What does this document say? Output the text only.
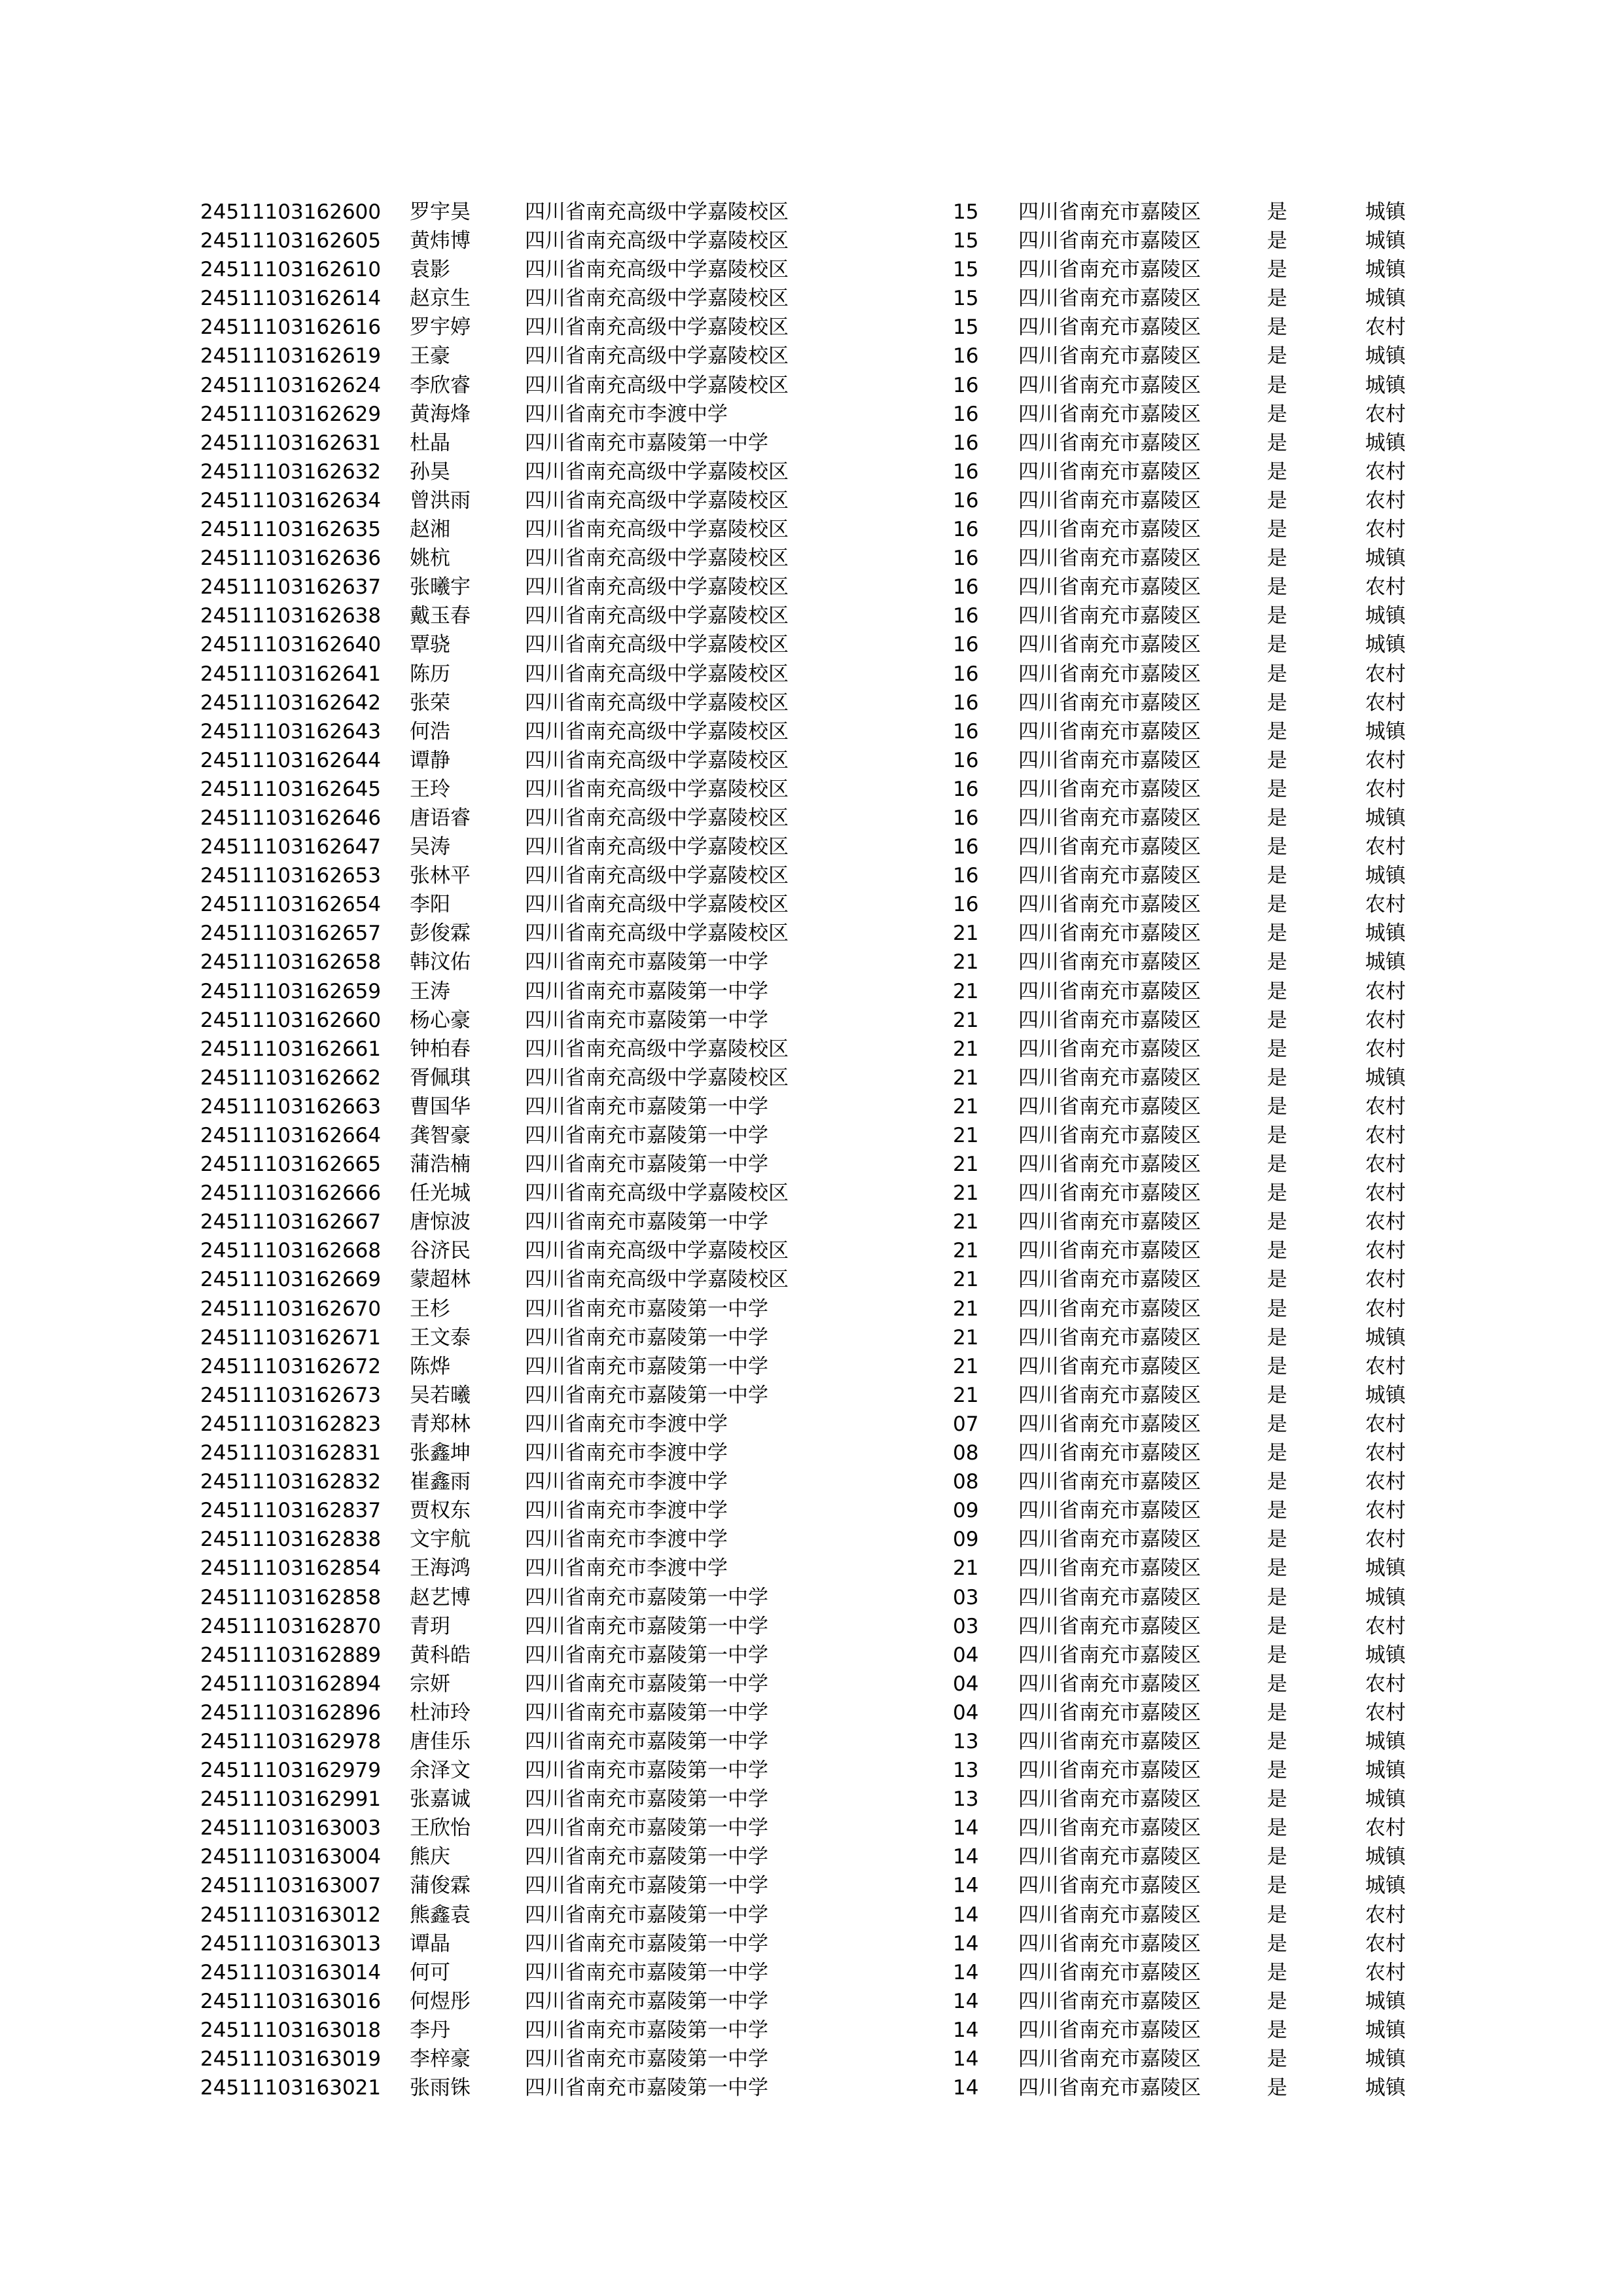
24511103162600 罗宇昊	四川省南充高级中学嘉陵校区	15 四川省南充市嘉陵区	是	城镇
24511103162605 黄炜博	四川省南充高级中学嘉陵校区	15 四川省南充市嘉陵区	是	城镇
24511103162610 袁影	四川省南充高级中学嘉陵校区	15 四川省南充市嘉陵区	是	城镇
24511103162614 赵京生	四川省南充高级中学嘉陵校区	15 四川省南充市嘉陵区	是	城镇
24511103162616 罗宇婷	四川省南充高级中学嘉陵校区	15 四川省南充市嘉陵区	是	农村
24511103162619 王豪	四川省南充高级中学嘉陵校区	16 四川省南充市嘉陵区	是	城镇
24511103162624 李欣睿	四川省南充高级中学嘉陵校区	16 四川省南充市嘉陵区	是	城镇
24511103162629 黄海烽	四川省南充市李渡中学	16 四川省南充市嘉陵区	是	农村
24511103162631 杜晶	四川省南充市嘉陵第一中学	16 四川省南充市嘉陵区	是	城镇
24511103162632 孙昊	四川省南充高级中学嘉陵校区	16 四川省南充市嘉陵区	是	农村
24511103162634 曾洪雨	四川省南充高级中学嘉陵校区	16 四川省南充市嘉陵区	是	农村
24511103162635 赵湘	四川省南充高级中学嘉陵校区	16 四川省南充市嘉陵区	是	农村
24511103162636 姚杭	四川省南充高级中学嘉陵校区	16 四川省南充市嘉陵区	是	城镇
24511103162637 张曦宇	四川省南充高级中学嘉陵校区	16 四川省南充市嘉陵区	是	农村
24511103162638 戴玉春	四川省南充高级中学嘉陵校区	16 四川省南充市嘉陵区	是	城镇
24511103162640 覃骁	四川省南充高级中学嘉陵校区	16 四川省南充市嘉陵区	是	城镇
24511103162641 陈历	四川省南充高级中学嘉陵校区	16 四川省南充市嘉陵区	是	农村
24511103162642 张荣	四川省南充高级中学嘉陵校区	16 四川省南充市嘉陵区	是	农村
24511103162643 何浩	四川省南充高级中学嘉陵校区	16 四川省南充市嘉陵区	是	城镇
24511103162644 谭静	四川省南充高级中学嘉陵校区	16 四川省南充市嘉陵区	是	农村
24511103162645 王玲	四川省南充高级中学嘉陵校区	16 四川省南充市嘉陵区	是	农村
24511103162646 唐语睿	四川省南充高级中学嘉陵校区	16 四川省南充市嘉陵区	是	城镇
24511103162647 吴涛	四川省南充高级中学嘉陵校区	16 四川省南充市嘉陵区	是	农村
24511103162653 张林平	四川省南充高级中学嘉陵校区	16 四川省南充市嘉陵区	是	城镇
24511103162654 李阳	四川省南充高级中学嘉陵校区	16 四川省南充市嘉陵区	是	农村
24511103162657 彭俊霖	四川省南充高级中学嘉陵校区	21 四川省南充市嘉陵区	是	城镇
24511103162658 韩汶佑	四川省南充市嘉陵第一中学	21 四川省南充市嘉陵区	是	城镇
24511103162659 王涛	四川省南充市嘉陵第一中学	21 四川省南充市嘉陵区	是	农村
24511103162660 杨心豪	四川省南充市嘉陵第一中学	21 四川省南充市嘉陵区	是	农村
24511103162661 钟柏春	四川省南充高级中学嘉陵校区	21 四川省南充市嘉陵区	是	农村
24511103162662 胥佩琪	四川省南充高级中学嘉陵校区	21 四川省南充市嘉陵区	是	城镇
24511103162663 曹国华	四川省南充市嘉陵第一中学	21 四川省南充市嘉陵区	是	农村
24511103162664 龚智豪	四川省南充市嘉陵第一中学	21 四川省南充市嘉陵区	是	农村
24511103162665 蒲浩楠	四川省南充市嘉陵第一中学	21 四川省南充市嘉陵区	是	农村
24511103162666 任光城	四川省南充高级中学嘉陵校区	21 四川省南充市嘉陵区	是	农村
24511103162667 唐惊波	四川省南充市嘉陵第一中学	21 四川省南充市嘉陵区	是	农村
24511103162668 谷济民	四川省南充高级中学嘉陵校区	21 四川省南充市嘉陵区	是	农村
24511103162669 蒙超林	四川省南充高级中学嘉陵校区	21 四川省南充市嘉陵区	是	农村
24511103162670 王杉	四川省南充市嘉陵第一中学	21 四川省南充市嘉陵区	是	农村
24511103162671 王文泰	四川省南充市嘉陵第一中学	21 四川省南充市嘉陵区	是	城镇
24511103162672 陈烨	四川省南充市嘉陵第一中学	21 四川省南充市嘉陵区	是	农村
24511103162673 吴若曦	四川省南充市嘉陵第一中学	21 四川省南充市嘉陵区	是	城镇
24511103162823 青郑林	四川省南充市李渡中学	07 四川省南充市嘉陵区	是	农村
24511103162831 张鑫坤	四川省南充市李渡中学	08 四川省南充市嘉陵区	是	农村
24511103162832 崔鑫雨	四川省南充市李渡中学	08 四川省南充市嘉陵区	是	农村
24511103162837 贾权东	四川省南充市李渡中学	09 四川省南充市嘉陵区	是	农村
24511103162838 文宇航	四川省南充市李渡中学	09 四川省南充市嘉陵区	是	农村
24511103162854 王海鸿	四川省南充市李渡中学	21 四川省南充市嘉陵区	是	城镇
24511103162858 赵艺博	四川省南充市嘉陵第一中学	03 四川省南充市嘉陵区	是	城镇
24511103162870 青玥	四川省南充市嘉陵第一中学	03 四川省南充市嘉陵区	是	农村
24511103162889 黄科皓	四川省南充市嘉陵第一中学	04 四川省南充市嘉陵区	是	城镇
24511103162894 宗妍	四川省南充市嘉陵第一中学	04 四川省南充市嘉陵区	是	农村
24511103162896 杜沛玲	四川省南充市嘉陵第一中学	04 四川省南充市嘉陵区	是	农村
24511103162978 唐佳乐	四川省南充市嘉陵第一中学	13 四川省南充市嘉陵区	是	城镇
24511103162979 余泽文	四川省南充市嘉陵第一中学	13 四川省南充市嘉陵区	是	城镇
24511103162991 张嘉诚	四川省南充市嘉陵第一中学	13 四川省南充市嘉陵区	是	城镇
24511103163003 王欣怡	四川省南充市嘉陵第一中学	14 四川省南充市嘉陵区	是	农村
24511103163004 熊庆	四川省南充市嘉陵第一中学	14 四川省南充市嘉陵区	是	城镇
24511103163007 蒲俊霖	四川省南充市嘉陵第一中学	14 四川省南充市嘉陵区	是	城镇
24511103163012 熊鑫袁	四川省南充市嘉陵第一中学	14 四川省南充市嘉陵区	是	农村
24511103163013 谭晶	四川省南充市嘉陵第一中学	14 四川省南充市嘉陵区	是	农村
24511103163014 何可	四川省南充市嘉陵第一中学	14 四川省南充市嘉陵区	是	农村
24511103163016 何煜彤	四川省南充市嘉陵第一中学	14 四川省南充市嘉陵区	是	城镇
24511103163018 李丹	四川省南充市嘉陵第一中学	14 四川省南充市嘉陵区	是	城镇
24511103163019 李梓豪	四川省南充市嘉陵第一中学	14 四川省南充市嘉陵区	是	城镇
24511103163021 张雨铢	四川省南充市嘉陵第一中学	14 四川省南充市嘉陵区	是	城镇
